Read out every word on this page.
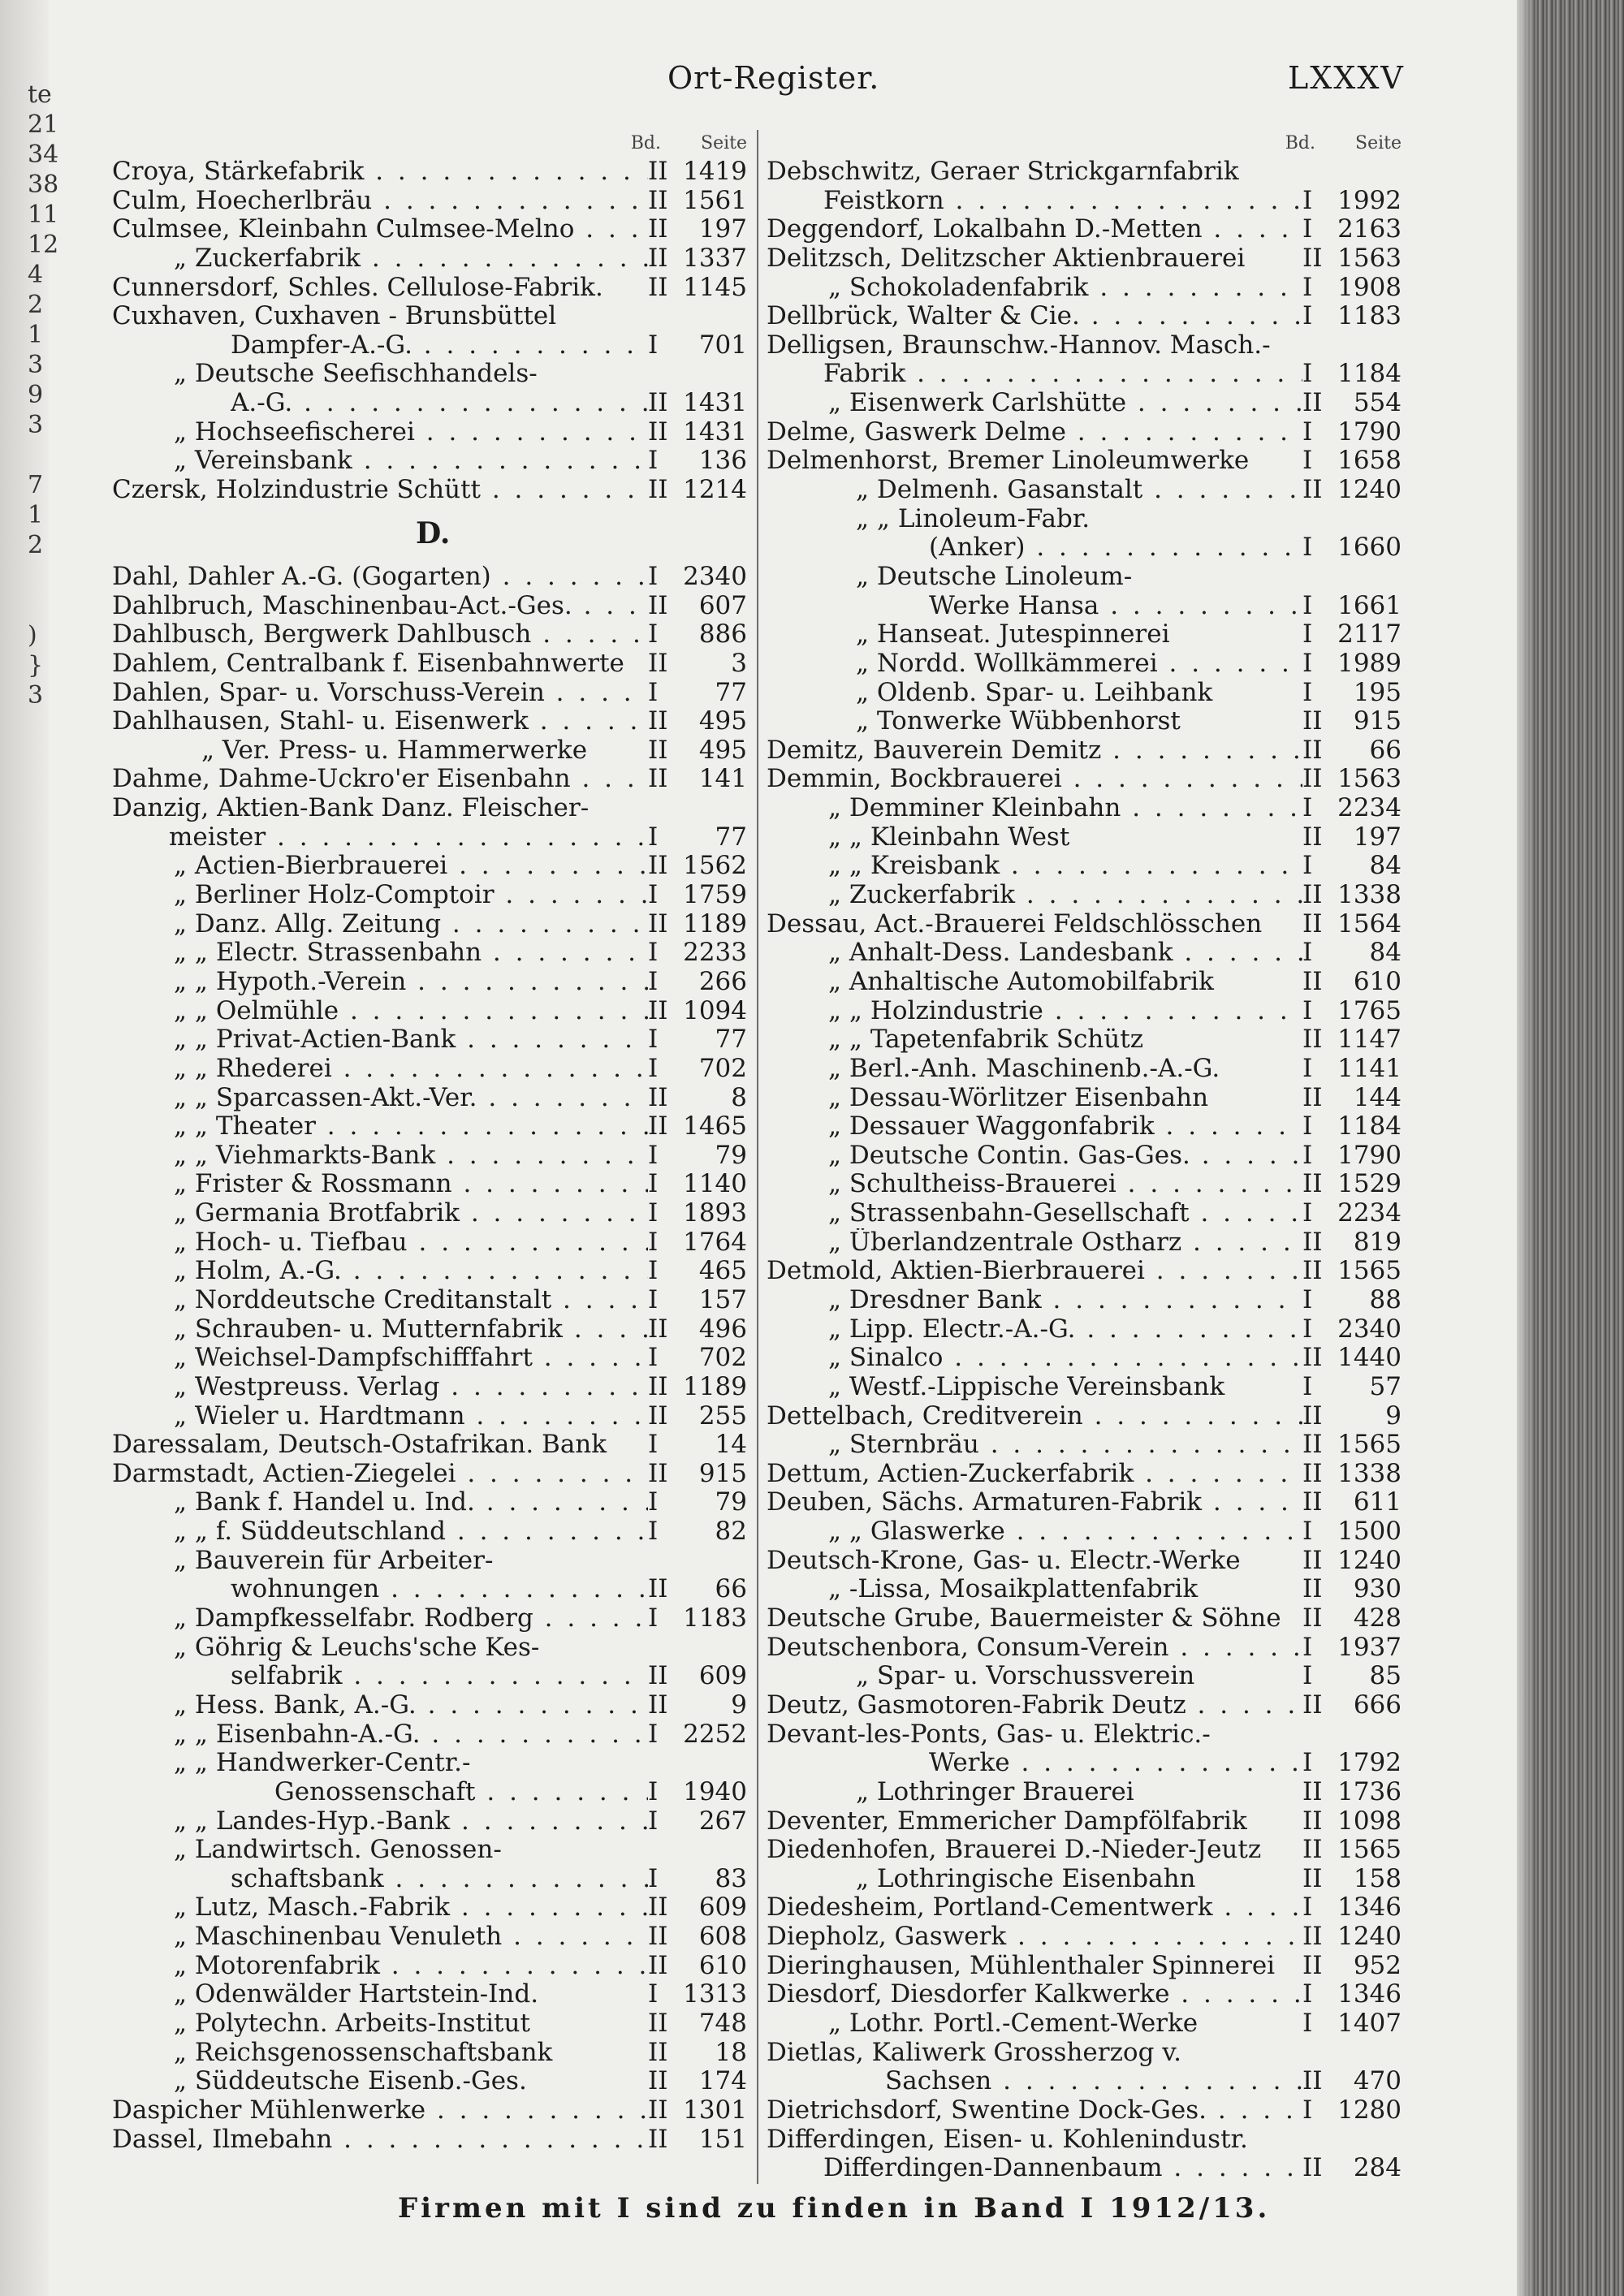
te
21
34
38
11
12
4
2
1
3
9
3
7
1
2
)
}
3
Ort-Register.	LXXXV
Bd. Seite
Croya, Stärkefabrik . . .	II 1419
Culm, Hoecherlbräu . . .	II 1561
Culmsee, Kleinbahn Culmsee-Melno . . .	II	197
„ Zuckerfabrik . . .	II 1337
Cunnersdorf, Schles. Cellulose-Fabrik.	II 1145
Cuxhaven, Cuxhaven - Brunsbüttel
Dampfer-A.-G. . . .	I	701
„ Deutsche Seefischhandels-
A.-G. . . .	II 1431
„ Hochseefischerei . . .	II 1431
„ Vereinsbank . . .	I	136
Czersk, Holzindustrie Schütt . . .	II 1214
D.
Dahl, Dahler A.-G. (Gogarten) . . .	I 2340
Dahlbruch, Maschinenbau-Act.-Ges. . . .	II	607
Dahlbusch, Bergwerk Dahlbusch . . .	I	886
Dahlem, Centralbank f. Eisenbahnwerte II	3
Dahlen, Spar- u. Vorschuss-Verein . . .	I	77
Dahlhausen, Stahl- u. Eisenwerk . . .	II	495
„ Ver. Press- u. Hammerwerke	II	495
Dahme, Dahme-Uckro'er Eisenbahn . . .	II	141
Danzig, Aktien-Bank Danz. Fleischer-
meister . . .	I	77
„ Actien-Bierbrauerei . . .	II 1562
„ Berliner Holz-Comptoir . . .	I 1759
„ Danz. Allg. Zeitung . . .	II 1189
„ „ Electr. Strassenbahn . . .	I 2233
„ „ Hypoth.-Verein . . .	I	266
„ „ Oelmühle . . .	II 1094
„ „ Privat-Actien-Bank . . .	I	77
„ „ Rhederei . . .	I	702
„ „ Sparcassen-Akt.-Ver. . . .	II	8
„ „ Theater . . .	II 1465
„ „ Viehmarkts-Bank . . .	I	79
„ Frister & Rossmann . . .	I 1140
„ Germania Brotfabrik . . .	I 1893
„ Hoch- u. Tiefbau . . .	I 1764
„ Holm, A.-G. . . .	I	465
„ Norddeutsche Creditanstalt . . .	I	157
„ Schrauben- u. Mutternfabrik . . .	II	496
„ Weichsel-Dampfschifffahrt . . .	I	702
„ Westpreuss. Verlag . . .	II 1189
„ Wieler u. Hardtmann . . .	II	255
Daressalam, Deutsch-Ostafrikan. Bank	I	14
Darmstadt, Actien-Ziegelei . . .	II	915
„ Bank f. Handel u. Ind. . . .	I	79
„ „ f. Süddeutschland . . .	I	82
„ Bauverein für Arbeiter-
wohnungen . . .	II	66
„ Dampfkesselfabr. Rodberg . . .	I 1183
„ Göhrig & Leuchs'sche Kes-
selfabrik . . .	II	609
„ Hess. Bank, A.-G. . . .	II	9
„ „ Eisenbahn-A.-G. . . .	I 2252
„ „ Handwerker-Centr.-
Genossenschaft . . .	I 1940
„ „ Landes-Hyp.-Bank . . .	I	267
„ Landwirtsch. Genossen-
schaftsbank . . .	I	83
„ Lutz, Masch.-Fabrik . . .	II	609
„ Maschinenbau Venuleth . . .	II	608
„ Motorenfabrik . . .	II	610
„ Odenwälder Hartstein-Ind.	I 1313
„ Polytechn. Arbeits-Institut	II	748
„ Reichsgenossenschaftsbank	II	18
„ Süddeutsche Eisenb.-Ges.	II	174
Daspicher Mühlenwerke . . .	II 1301
Dassel, Ilmebahn . . .	II	151
Bd. Seite
Debschwitz, Geraer Strickgarnfabrik
Feistkorn . . .	I 1992
Deggendorf, Lokalbahn D.-Metten . . .	I 2163
Delitzsch, Delitzscher Aktienbrauerei	II 1563
„ Schokoladenfabrik . . .	I 1908
Dellbrück, Walter & Cie. . . .	I 1183
Delligsen, Braunschw.-Hannov. Masch.-
Fabrik . . .	I 1184
„ Eisenwerk Carlshütte . . .	II	554
Delme, Gaswerk Delme . . .	I 1790
Delmenhorst, Bremer Linoleumwerke	I 1658
„ Delmenh. Gasanstalt . . .	II 1240
„ „ Linoleum-Fabr.
(Anker) . . .	I 1660
„ Deutsche Linoleum-
Werke Hansa . . .	I 1661
„ Hanseat. Jutespinnerei	I 2117
„ Nordd. Wollkämmerei . . .	I 1989
„ Oldenb. Spar- u. Leihbank	I	195
„ Tonwerke Wübbenhorst	II	915
Demitz, Bauverein Demitz . . .	II	66
Demmin, Bockbrauerei . . .	II 1563
„ Demminer Kleinbahn . . .	I 2234
„ „ Kleinbahn West	II	197
„ „ Kreisbank . . .	I	84
„ Zuckerfabrik . . .	II 1338
Dessau, Act.-Brauerei Feldschlösschen	II 1564
„ Anhalt-Dess. Landesbank . . .	I	84
„ Anhaltische Automobilfabrik	II	610
„ „ Holzindustrie . . .	I 1765
„ „ Tapetenfabrik Schütz	II 1147
„ Berl.-Anh. Maschinenb.-A.-G.	I 1141
„ Dessau-Wörlitzer Eisenbahn	II	144
„ Dessauer Waggonfabrik . . .	I 1184
„ Deutsche Contin. Gas-Ges. . . .	I 1790
„ Schultheiss-Brauerei . . .	II 1529
„ Strassenbahn-Gesellschaft . . .	I 2234
„ Überlandzentrale Ostharz . . .	II	819
Detmold, Aktien-Bierbrauerei . . .	II 1565
„ Dresdner Bank . . .	I	88
„ Lipp. Electr.-A.-G. . . .	I 2340
„ Sinalco . . .	II 1440
„ Westf.-Lippische Vereinsbank	I	57
Dettelbach, Creditverein . . .	II	9
„ Sternbräu . . .	II 1565
Dettum, Actien-Zuckerfabrik . . .	II 1338
Deuben, Sächs. Armaturen-Fabrik . . .	II	611
„ „ Glaswerke . . .	I 1500
Deutsch-Krone, Gas- u. Electr.-Werke	II 1240
„ -Lissa, Mosaikplattenfabrik	II	930
Deutsche Grube, Bauermeister & Söhne II	428
Deutschenbora, Consum-Verein . . .	I 1937
„ Spar- u. Vorschussverein	I	85
Deutz, Gasmotoren-Fabrik Deutz . . .	II	666
Devant-les-Ponts, Gas- u. Elektric.-
Werke . . .	I 1792
„ Lothringer Brauerei	II 1736
Deventer, Emmericher Dampfölfabrik	II 1098
Diedenhofen, Brauerei D.-Nieder-Jeutz	II 1565
„ Lothringische Eisenbahn	II	158
Diedesheim, Portland-Cementwerk . . .	I 1346
Diepholz, Gaswerk . . .	II 1240
Dieringhausen, Mühlenthaler Spinnerei	II	952
Diesdorf, Diesdorfer Kalkwerke . . .	I 1346
„ Lothr. Portl.-Cement-Werke	I 1407
Dietlas, Kaliwerk Grossherzog v.
Sachsen . . .	II	470
Dietrichsdorf, Swentine Dock-Ges. . . .	I 1280
Differdingen, Eisen- u. Kohlenindustr.
Differdingen-Dannenbaum . . .	II	284
Firmen mit I sind zu finden in Band I 1912/13.
